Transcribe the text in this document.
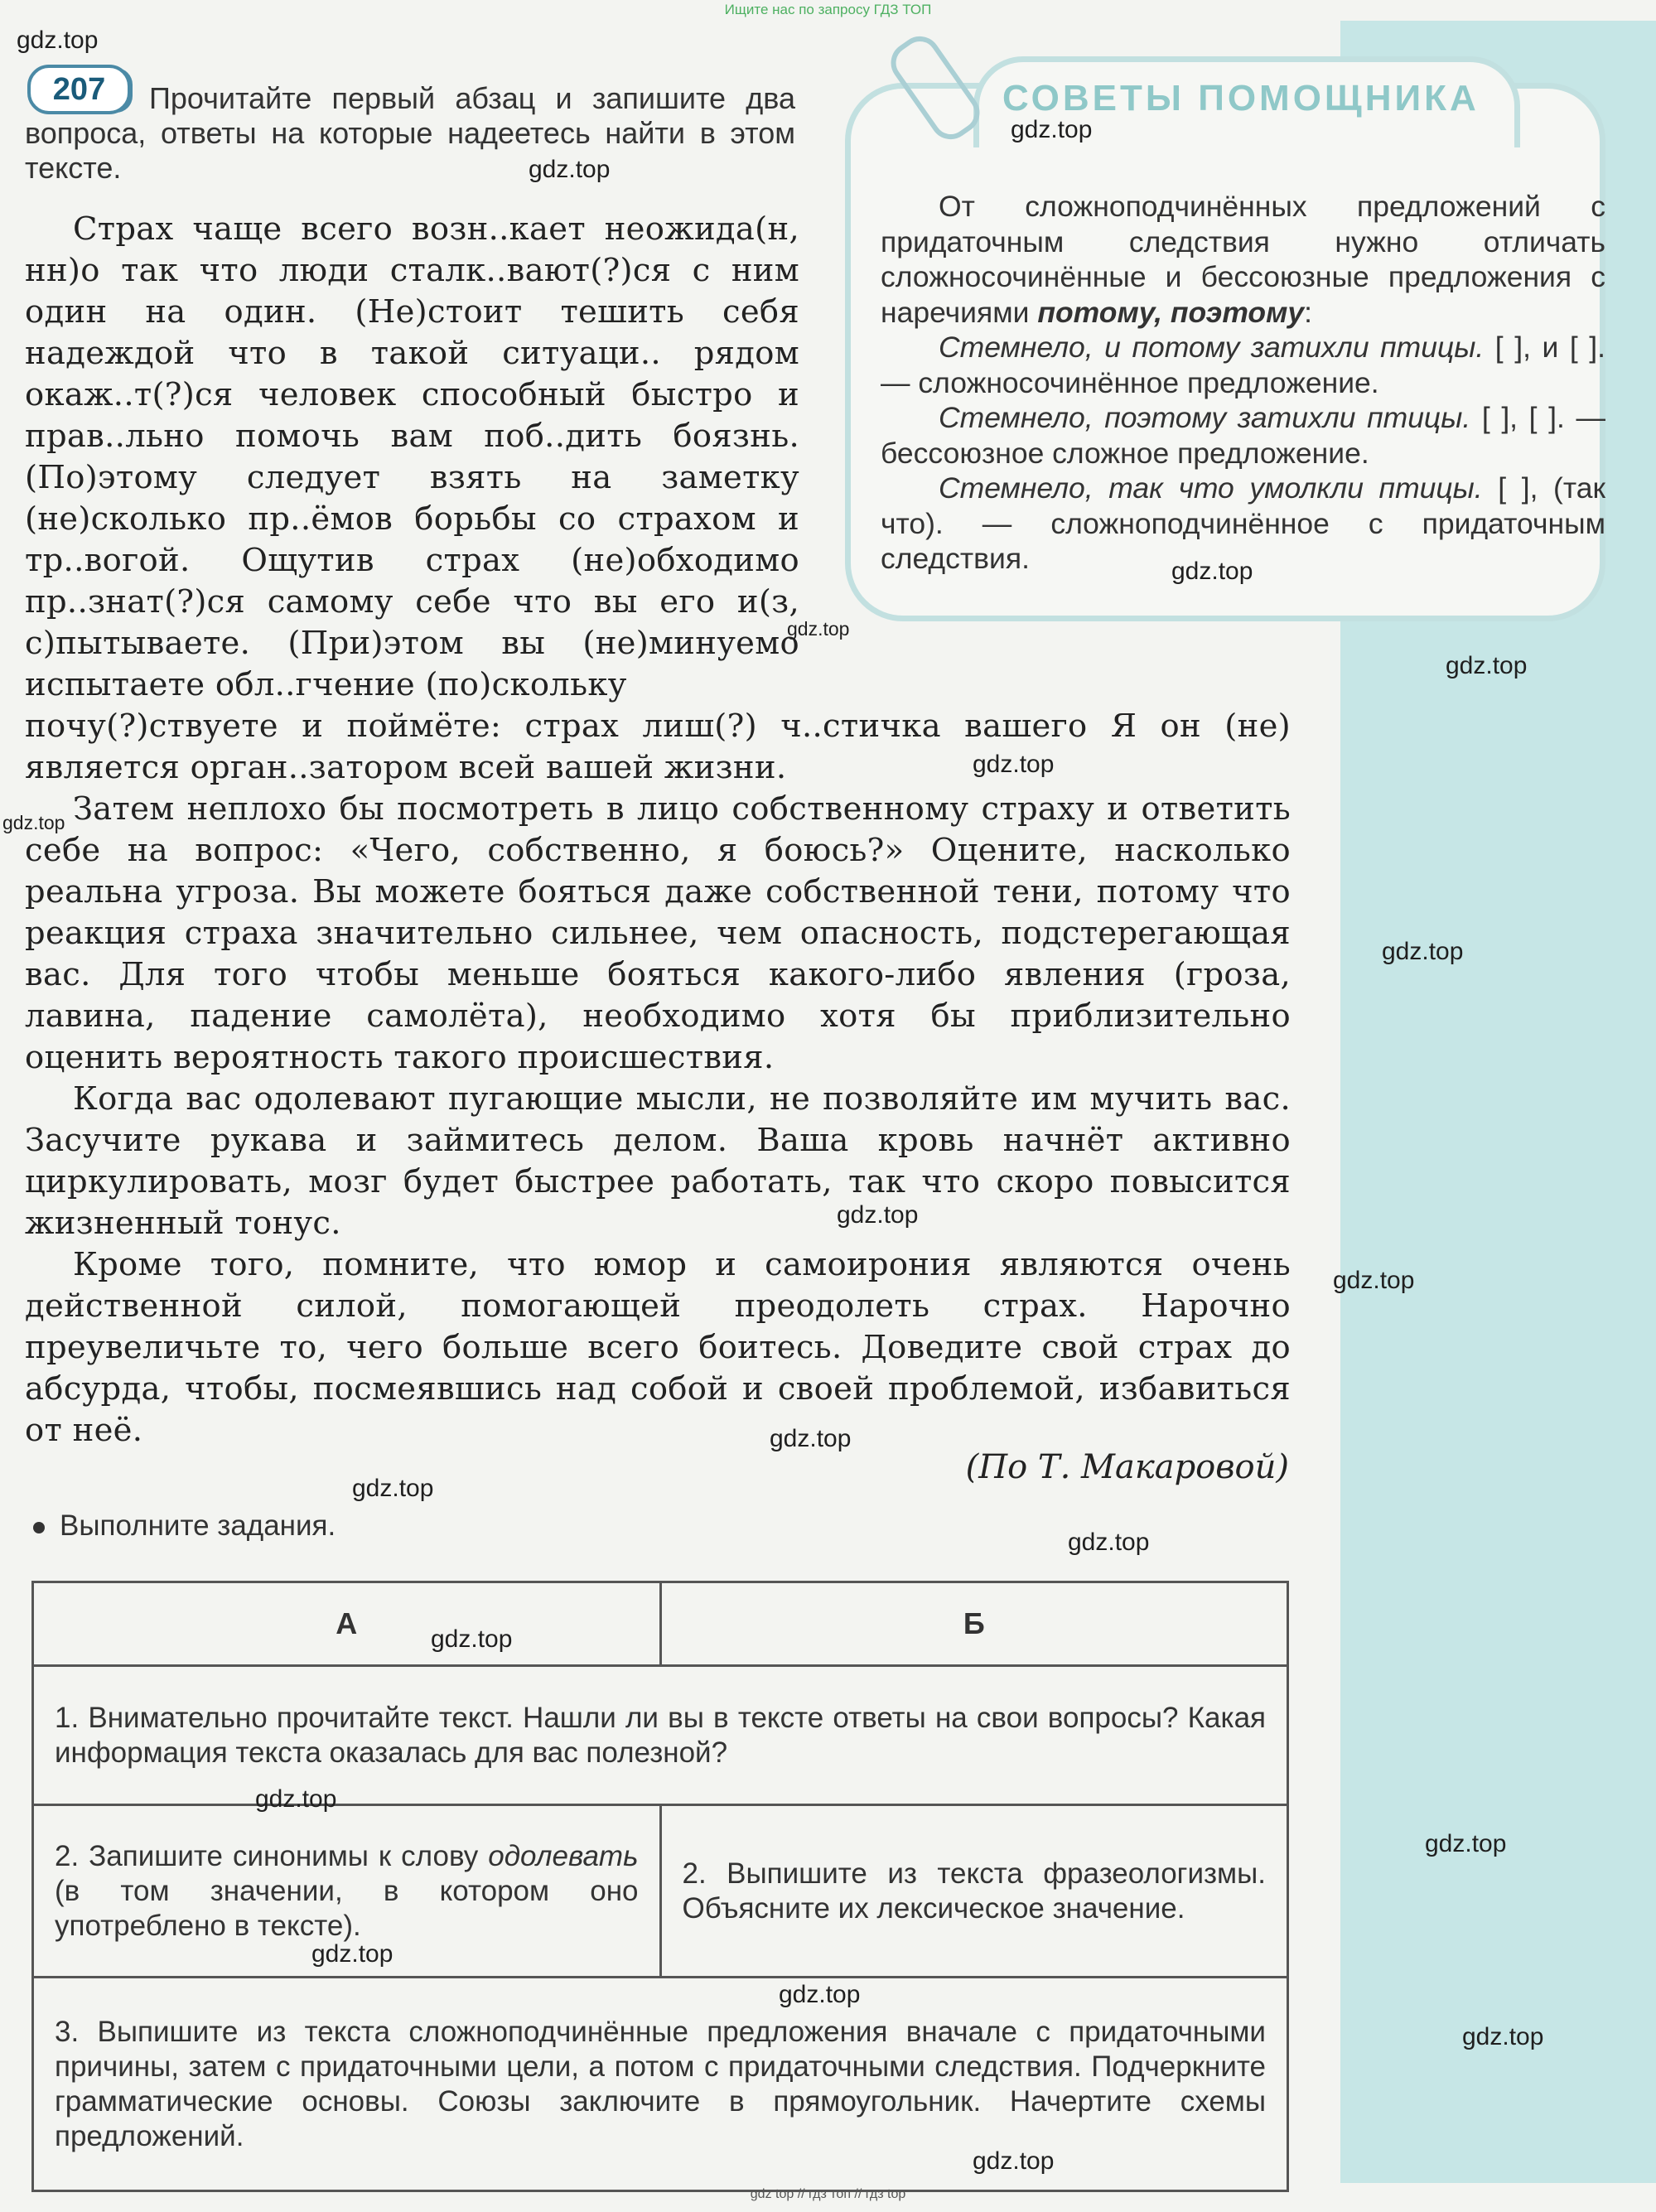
Ищите нас по запросу ГДЗ ТОП
207	Прочитайте первый абзац и запишите два вопроса, ответы на которые надеетесь найти в этом тексте.
СОВЕТЫ ПОМОЩНИКА

От сложноподчинённых предложений с придаточным следствия нужно отличать сложносочинённые и бессоюзные предложения с наречиями потому, поэтому:

Стемнело, и потому затихли птицы. [ ], и [ ]. — сложносочинённое предложение.

Стемнело, поэтому затихли птицы. [ ], [ ]. — бессоюзное сложное предложение.

Стемнело, так что умолкли птицы. [ ], (так что). — сложноподчинённое с придаточным следствия.

Страх чаще всего возн..кает неожида(н, нн)о так что люди сталк..вают(?)ся с ним один на один. (Не)стоит тешить себя надеждой что в такой ситуаци.. рядом окаж..т(?)ся человек способный быстро и прав..льно помочь вам поб..дить боязнь. (По)этому следует взять на заметку (не)сколько пр..ёмов борьбы со страхом и тр..вогой. Ощутив страх (не)обходимо пр..знат(?)ся самому себе что вы его и(з, с)пытываете. (При)этом вы (не)минуемо испытаете обл..гчение (по)скольку

почу(?)ствуете и поймёте: страх лиш(?) ч..стичка вашего Я он (не) является орган..затором всей вашей жизни.

Затем неплохо бы посмотреть в лицо собственному страху и ответить себе на вопрос: «Чего, собственно, я боюсь?» Оцените, насколько реальна угроза. Вы можете бояться даже собственной тени, потому что реакция страха значительно сильнее, чем опасность, подстерегающая вас. Для того чтобы меньше бояться какого-либо явления (гроза, лавина, падение самолёта), необходимо хотя бы приблизительно оценить вероятность такого происшествия.

Когда вас одолевают пугающие мысли, не позволяйте им мучить вас. Засучите рукава и займитесь делом. Ваша кровь начнёт активно циркулировать, мозг будет быстрее работать, так что скоро повысится жизненный тонус.

Кроме того, помните, что юмор и самоирония являются очень действенной силой, помогающей преодолеть страх. Нарочно преувеличьте то, чего больше всего боитесь. Доведите свой страх до абсурда, чтобы, посмеявшись над собой и своей проблемой, избавиться от неё.

(По Т. Макаровой)
Выполните задания.
А	Б
1. Внимательно прочитайте текст. Нашли ли вы в тексте ответы на свои вопросы? Какая информация текста оказалась для вас полезной?	
2. Запишите синонимы к слову одолевать (в том значении, в котором оно употреблено в тексте).	2. Выпишите из текста фразеологизмы. Объясните их лексическое значение.
3. Выпишите из текста сложноподчинённые предложения вначале с придаточными причины, затем с придаточными цели, а потом с придаточными следствия. Подчеркните грамматические основы. Союзы заключите в прямоугольник. Начертите схемы предложений.	
gdz.top
gdz.top
gdz.top
gdz.top
gdz.top
gdz.top
gdz.top
gdz.top
gdz.top
gdz.top
gdz.top
gdz.top
gdz.top
gdz.top
gdz.top
gdz.top
gdz.top
gdz.top
gdz.top
gdz.top
gdz.top
gdz top // гдз топ // гдз top
